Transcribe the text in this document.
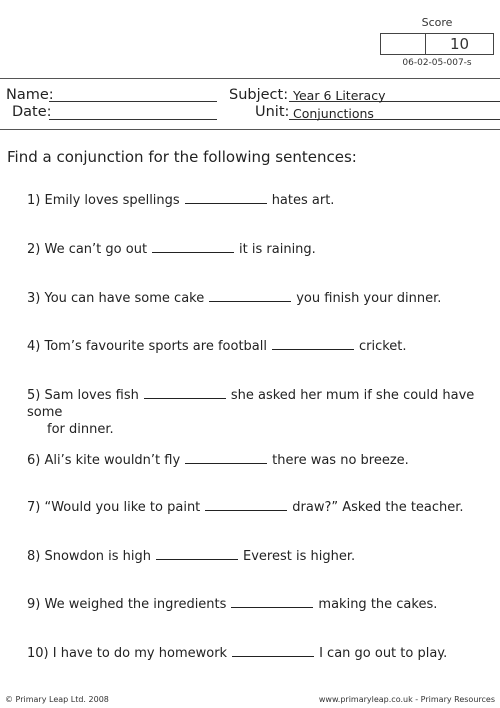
Score
10
06-02-05-007-s
Name:
Date:
Subject: Year 6 Literacy
Unit: Conjunctions
Find a conjunction for the following sentences:
1) Emily loves spellings	hates art.
2) We can’t go out	it is raining.
3) You can have some cake	you finish your dinner.
4) Tom’s favourite sports are football	cricket.
5) Sam loves fish	she asked her mum if she could have some
for dinner.
6) Ali’s kite wouldn’t fly	there was no breeze.
7) “Would you like to paint	draw?” Asked the teacher.
8) Snowdon is high	Everest is higher.
9) We weighed the ingredients	making the cakes.
10) I have to do my homework	I can go out to play.
© Primary Leap Ltd. 2008	www.primaryleap.co.uk - Primary Resources
